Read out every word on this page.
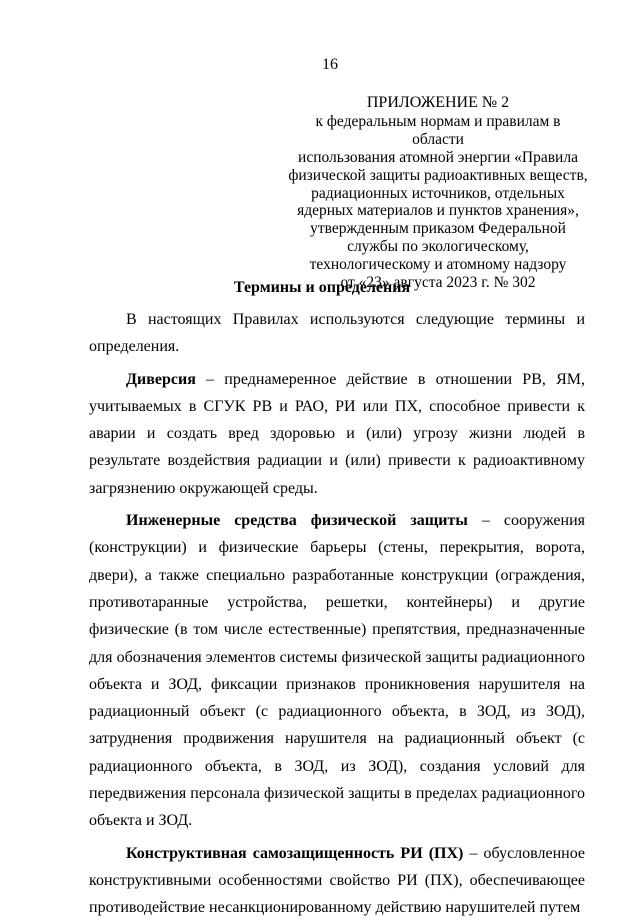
16
ПРИЛОЖЕНИЕ № 2
к федеральным нормам и правилам в области
использования атомной энергии «Правила
физической защиты радиоактивных веществ,
радиационных источников, отдельных
ядерных материалов и пунктов хранения»,
утвержденным приказом Федеральной
службы по экологическому,
технологическому и атомному надзору
от «23» августа 2023 г. № 302
Термины и определения

В настоящих Правилах используются следующие термины и определения.

Диверсия – преднамеренное действие в отношении РВ, ЯМ, учитываемых в СГУК РВ и РАО, РИ или ПХ, способное привести к аварии и создать вред здоровью и (или) угрозу жизни людей в результате воздействия радиации и (или) привести к радиоактивному загрязнению окружающей среды.

Инженерные средства физической защиты – сооружения (конструкции) и физические барьеры (стены, перекрытия, ворота, двери), а также специально разработанные конструкции (ограждения, противотаранные устройства, решетки, контейнеры) и другие физические (в том числе естественные) препятствия, предназначенные для обозначения элементов системы физической защиты радиационного объекта и ЗОД, фиксации признаков проникновения нарушителя на радиационный объект (с радиационного объекта, в ЗОД, из ЗОД), затруднения продвижения нарушителя на радиационный объект (с радиационного объекта, в ЗОД, из ЗОД), создания условий для передвижения персонала физической защиты в пределах радиационного объекта и ЗОД.

Конструктивная самозащищенность РИ (ПХ) – обусловленное конструктивными особенностями свойство РИ (ПХ), обеспечивающее противодействие несанкционированному действию нарушителей путем
